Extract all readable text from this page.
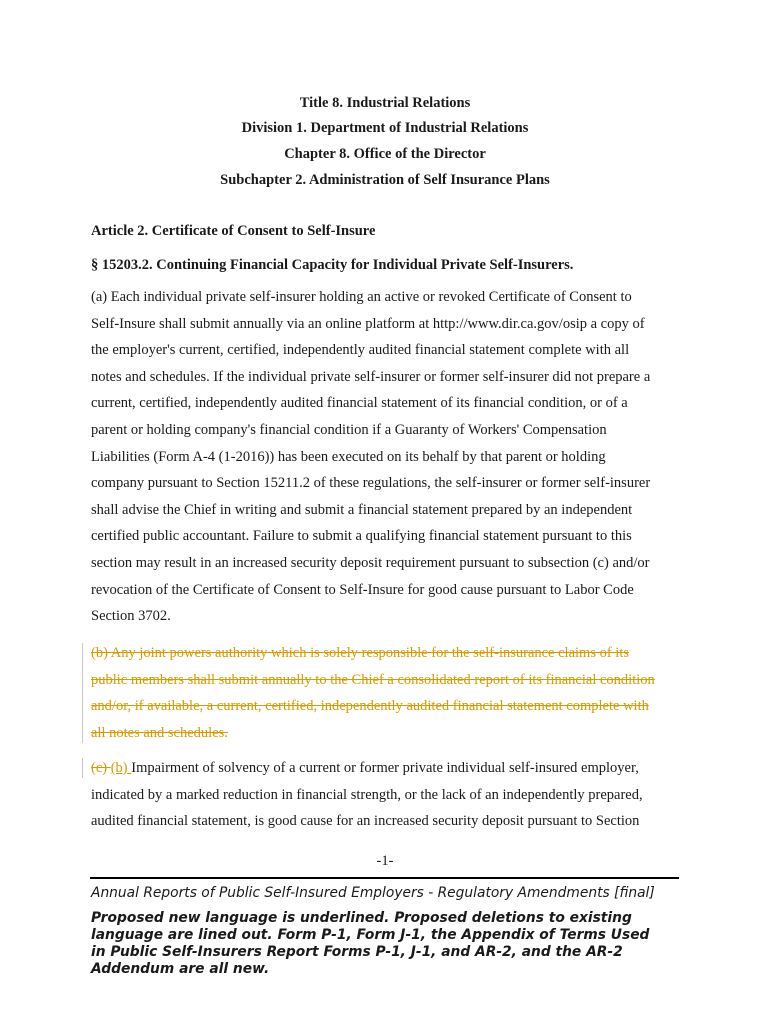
Title 8. Industrial Relations
Division 1. Department of Industrial Relations
Chapter 8. Office of the Director
Subchapter 2. Administration of Self Insurance Plans
Article 2. Certificate of Consent to Self-Insure
§ 15203.2. Continuing Financial Capacity for Individual Private Self-Insurers.
(a) Each individual private self-insurer holding an active or revoked Certificate of Consent to
Self-Insure shall submit annually via an online platform at http://www.dir.ca.gov/osip a copy of
the employer's current, certified, independently audited financial statement complete with all
notes and schedules. If the individual private self-insurer or former self-insurer did not prepare a
current, certified, independently audited financial statement of its financial condition, or of a
parent or holding company's financial condition if a Guaranty of Workers' Compensation
Liabilities (Form A-4 (1-2016)) has been executed on its behalf by that parent or holding
company pursuant to Section 15211.2 of these regulations, the self-insurer or former self-insurer
shall advise the Chief in writing and submit a financial statement prepared by an independent
certified public accountant. Failure to submit a qualifying financial statement pursuant to this
section may result in an increased security deposit requirement pursuant to subsection (c) and/or
revocation of the Certificate of Consent to Self-Insure for good cause pursuant to Labor Code
Section 3702.
(b) Any joint powers authority which is solely responsible for the self-insurance claims of its
public members shall submit annually to the Chief a consolidated report of its financial condition
and/or, if available, a current, certified, independently audited financial statement complete with
all notes and schedules.
(c) (b) Impairment of solvency of a current or former private individual self-insured employer,
indicated by a marked reduction in financial strength, or the lack of an independently prepared,
audited financial statement, is good cause for an increased security deposit pursuant to Section
-1-
Annual Reports of Public Self-Insured Employers - Regulatory Amendments [final]
Proposed new language is underlined. Proposed deletions to existing
language are lined out. Form P-1, Form J-1, the Appendix of Terms Used
in Public Self-Insurers Report Forms P-1, J-1, and AR-2, and the AR-2
Addendum are all new.
